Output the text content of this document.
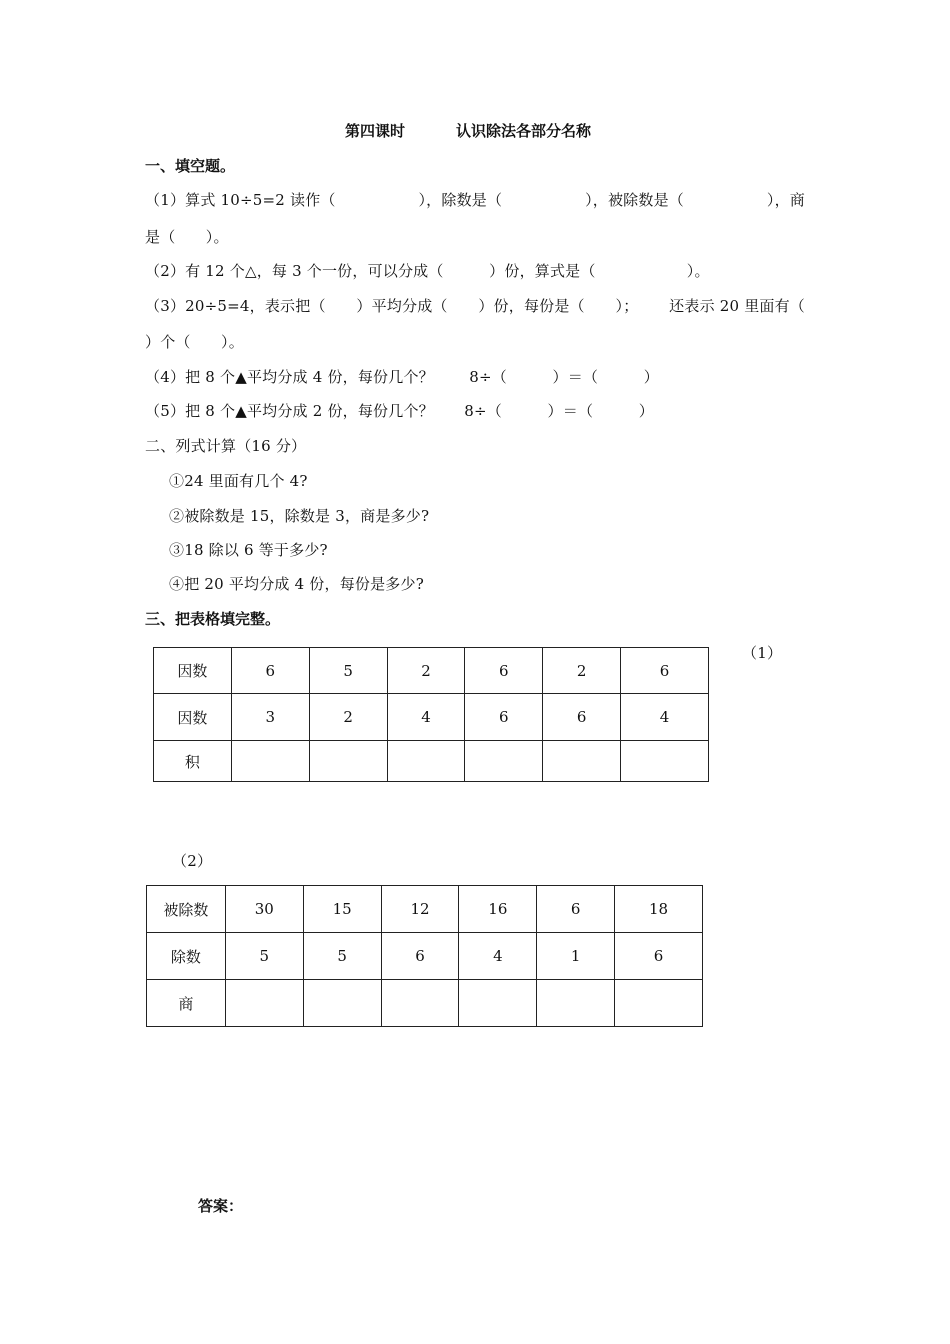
第四课时	认识除法各部分名称
一、填空题。
（1）算式 10÷5=2 读作（	），除数是（	），被除数是（	），商
是（　　）。
（2）有 12 个△，每 3 个一份，可以分成（　　　）份，算式是（　　　　　　）。
（3）20÷5=4，表示把（ ）平均分成（ ）份，每份是（ ）； 还表示 20 里面有（
）个（　　）。
（4）把 8 个▲平均分成 4 份，每份几个？　　 8÷（　　　）＝（　　　）
（5）把 8 个▲平均分成 2 份，每份几个？　　8÷（　　　）＝（　　　）
二、列式计算（16 分）
①24 里面有几个 4?
②被除数是 15，除数是 3，商是多少?
③18 除以 6 等于多少?
④把 20 平均分成 4 份，每份是多少?
三、把表格填完整。
（1）
因数	6	5	2	6	2	6
因数	3	2	4	6	6	4
积						
（2）
被除数	30	15	12	16	6	18
除数	5	5	6	4	1	6
商						
答案：
